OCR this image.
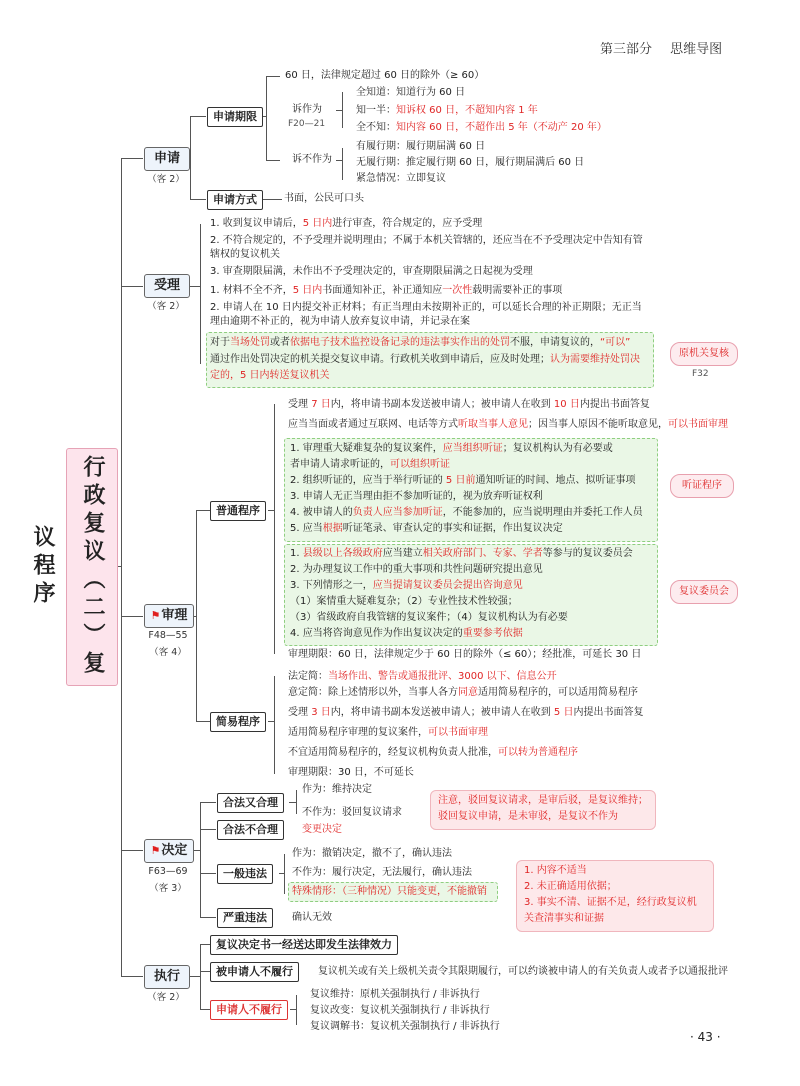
第三部分 思维导图
行政复议（二）复议程序
申请
（客 2）
申请期限
60 日，法律规定超过 60 日的除外（≥ 60）
诉作为
F20—21
全知道：知道行为 60 日
知一半：知诉权 60 日，不超知内容 1 年
全不知：知内容 60 日，不超作出 5 年（不动产 20 年）
诉不作为
有履行期：履行期届满 60 日
无履行期：推定履行期 60 日，履行期届满后 60 日
紧急情况：立即复议
申请方式	书面，公民可口头
受理
（客 2）
1. 收到复议申请后，5 日内进行审查，符合规定的，应予受理
2. 不符合规定的，不予受理并说明理由；不属于本机关管辖的，还应当在不予受理决定中告知有管
辖权的复议机关
3. 审查期限届满，未作出不予受理决定的，审查期限届满之日起视为受理
1. 材料不全不齐，5 日内书面通知补正，补正通知应一次性载明需要补正的事项
2. 申请人在 10 日内提交补正材料；有正当理由未按期补正的，可以延长合理的补正期限；无正当
理由逾期不补正的，视为申请人放弃复议申请，并记录在案
对于当场处罚或者依据电子技术监控设备记录的违法事实作出的处罚不服，申请复议的，“可以”
通过作出处罚决定的机关提交复议申请。行政机关收到申请后，应及时处理；认为需要维持处罚决
定的，5 日内转送复议机关
原机关复核
F32
⚑审理
F48—55
（客 4）
普通程序
受理 7 日内，将申请书副本发送被申请人；被申请人在收到 10 日内提出书面答复
应当当面或者通过互联网、电话等方式听取当事人意见；因当事人原因不能听取意见，可以书面审理
1. 审理重大疑难复杂的复议案件，应当组织听证；复议机构认为有必要或
者申请人请求听证的，可以组织听证
2. 组织听证的，应当于举行听证的 5 日前通知听证的时间、地点、拟听证事项
3. 申请人无正当理由拒不参加听证的，视为放弃听证权利
4. 被申请人的负责人应当参加听证，不能参加的，应当说明理由并委托工作人员
5. 应当根据听证笔录、审查认定的事实和证据，作出复议决定
听证程序
1. 县级以上各级政府应当建立相关政府部门、专家、学者等参与的复议委员会
2. 为办理复议工作中的重大事项和共性问题研究提出意见
3. 下列情形之一，应当提请复议委员会提出咨询意见
（1）案情重大疑难复杂；（2）专业性技术性较强；
（3）省级政府自我管辖的复议案件；（4）复议机构认为有必要
4. 应当将咨询意见作为作出复议决定的重要参考依据
复议委员会
审理期限：60 日，法律规定少于 60 日的除外（≤ 60）；经批准，可延长 30 日
简易程序
法定简：当场作出、警告或通报批评、3000 以下、信息公开
意定简：除上述情形以外，当事人各方同意适用简易程序的，可以适用简易程序
受理 3 日内，将申请书副本发送被申请人；被申请人在收到 5 日内提出书面答复
适用简易程序审理的复议案件，可以书面审理
不宜适用简易程序的，经复议机构负责人批准，可以转为普通程序
审理期限：30 日，不可延长
⚑决定
F63—69
（客 3）
合法又合理
作为：维持决定
不作为：驳回复议请求
合法不合理	变更决定
注意，驳回复议请求，是审后驳，是复议维持；
驳回复议申请，是未审驳，是复议不作为
一般违法
作为：撤销决定，撤不了，确认违法
不作为：履行决定，无法履行，确认违法
特殊情形：（三种情况）只能变更，不能撤销
1. 内容不适当
2. 未正确适用依据；
3. 事实不清、证据不足，经行政复议机
关查清事实和证据
严重违法	确认无效
执行
（客 2）
复议决定书一经送达即发生法律效力
被申请人不履行	复议机关或有关上级机关责令其限期履行，可以约谈被申请人的有关负责人或者予以通报批评
申请人不履行
复议维持：原机关强制执行 / 非诉执行
复议改变：复议机关强制执行 / 非诉执行
复议调解书：复议机关强制执行 / 非诉执行
· 43 ·
